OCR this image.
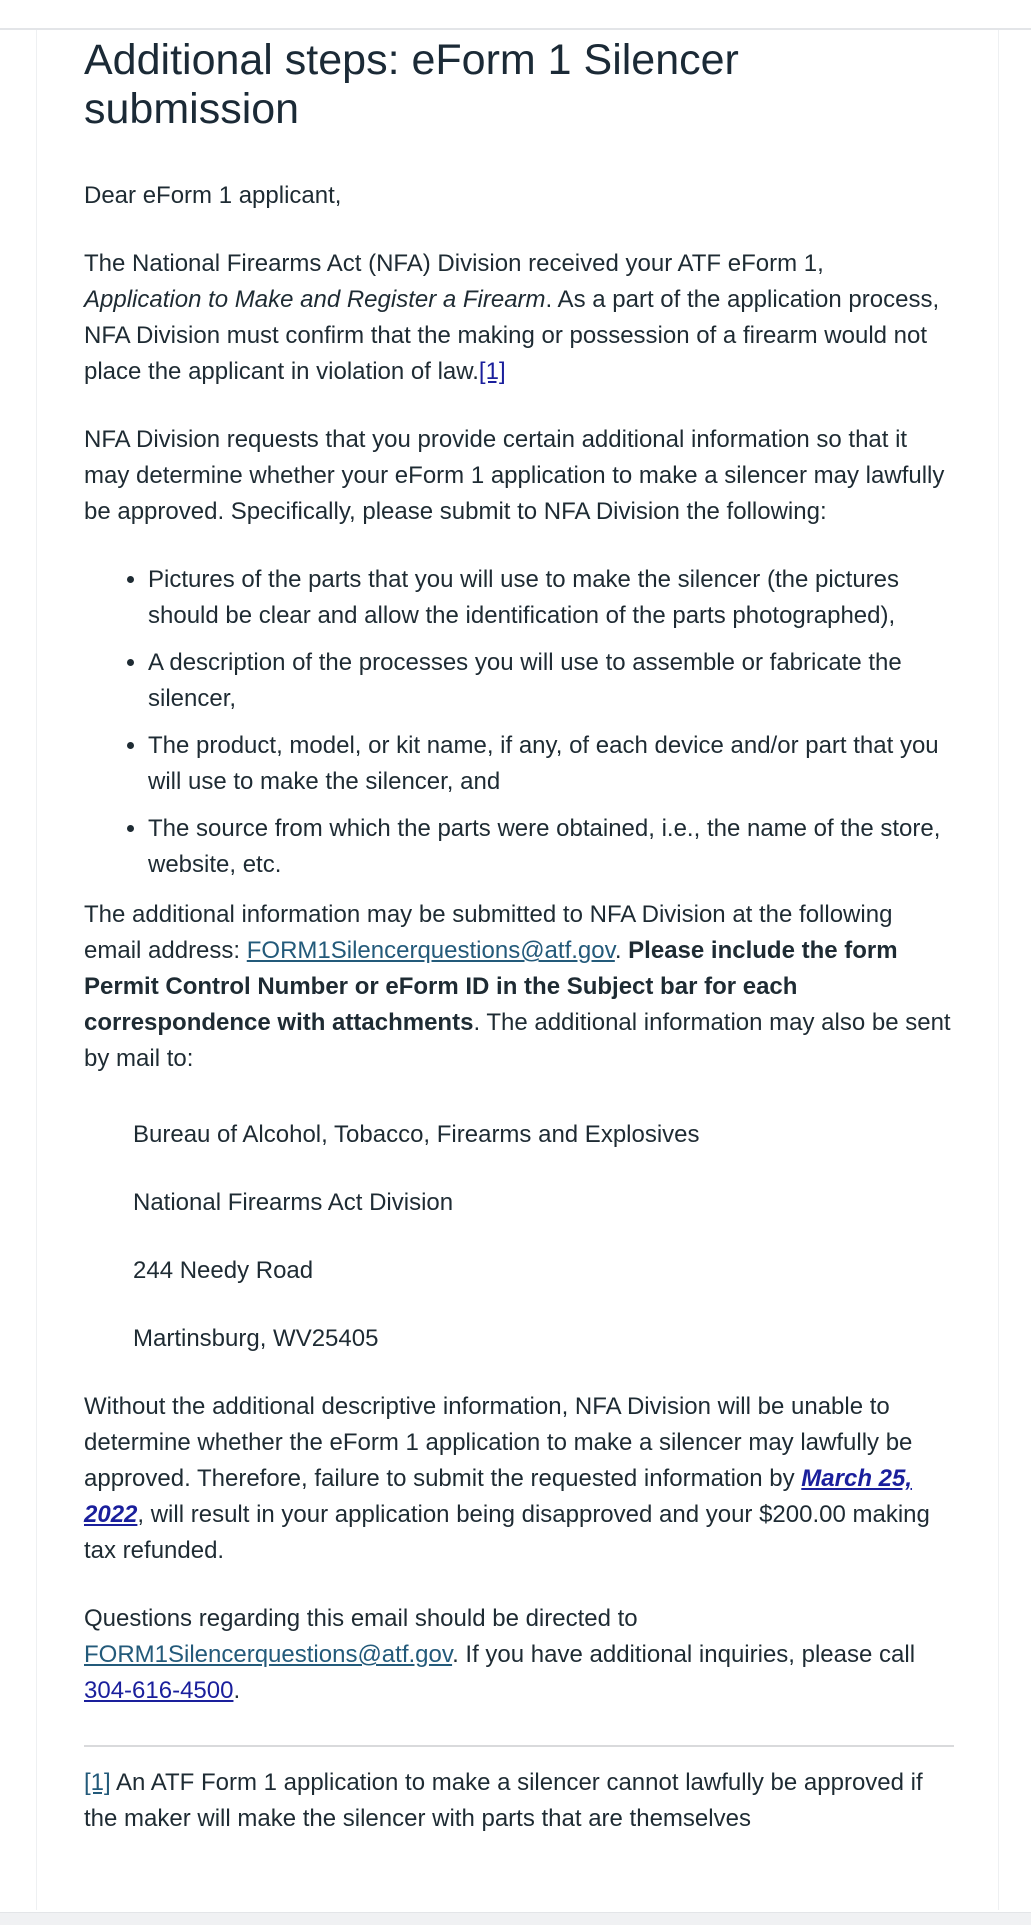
Additional steps: eForm 1 Silencer submission

Dear eForm 1 applicant,

The National Firearms Act (NFA) Division received your ATF eForm 1,
Application to Make and Register a Firearm. As a part of the application process, NFA Division must confirm that the making or possession of a firearm would not place the applicant in violation of law.[1]

NFA Division requests that you provide certain additional information so that it may determine whether your eForm 1 application to make a silencer may lawfully be approved. Specifically, please submit to NFA Division the following:

• Pictures of the parts that you will use to make the silencer (the pictures should be clear and allow the identification of the parts photographed),
• A description of the processes you will use to assemble or fabricate the silencer,
• The product, model, or kit name, if any, of each device and/or part that you will use to make the silencer, and
• The source from which the parts were obtained, i.e., the name of the store, website, etc.

The additional information may be submitted to NFA Division at the following email address: FORM1Silencerquestions@atf.gov. Please include the form Permit Control Number or eForm ID in the Subject bar for each correspondence with attachments. The additional information may also be sent by mail to:

Bureau of Alcohol, Tobacco, Firearms and Explosives

National Firearms Act Division

244 Needy Road

Martinsburg, WV25405

Without the additional descriptive information, NFA Division will be unable to determine whether the eForm 1 application to make a silencer may lawfully be approved. Therefore, failure to submit the requested information by March 25, 2022, will result in your application being disapproved and your $200.00 making tax refunded.

Questions regarding this email should be directed to FORM1Silencerquestions@atf.gov. If you have additional inquiries, please call 304-616-4500.

[1] An ATF Form 1 application to make a silencer cannot lawfully be approved if the maker will make the silencer with parts that are themselves
